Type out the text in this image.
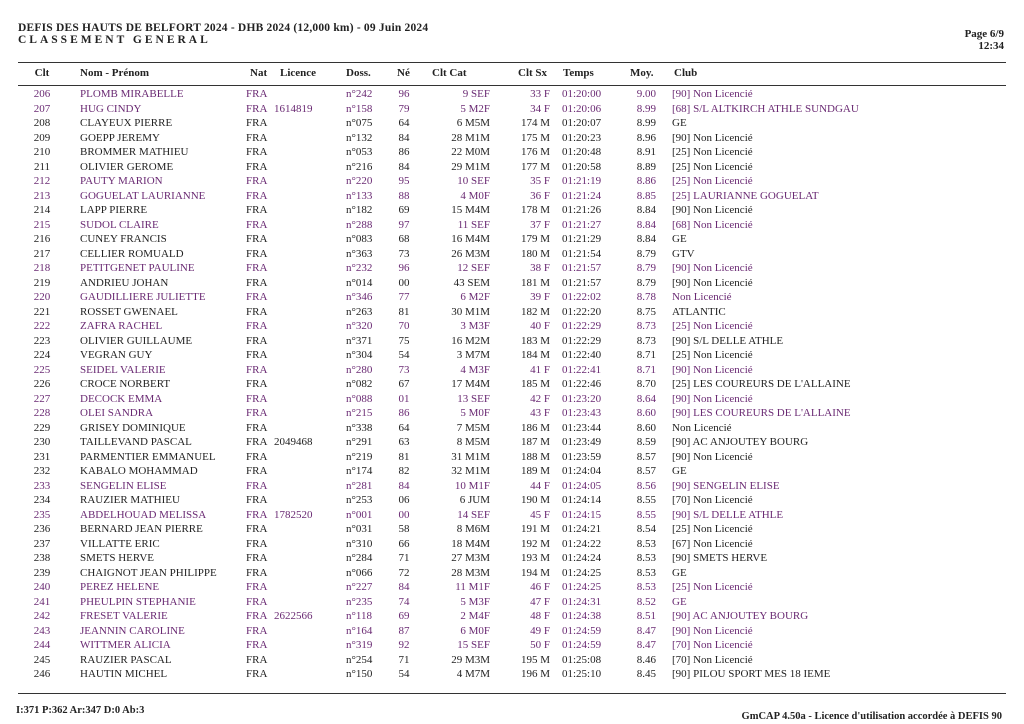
DEFIS DES HAUTS DE BELFORT 2024 - DHB 2024 (12,000 km) - 09 Juin 2024
CLASSEMENT GENERAL	Page 6/9
12:34
Clt	Nom - Prénom	Nat Licence	Doss. Né Clt Cat	Clt Sx Temps	Moy. Club
206	PLOMB MIRABELLE	FRA	n°242	96	9 SEF	33 F 01:20:00	9.00 [90] Non Licencié
207	HUG CINDY	FRA 1614819	n°158	79	5 M2F	34 F 01:20:06	8.99 [68] S/L ALTKIRCH ATHLE SUNDGAU
208	CLAYEUX PIERRE	FRA	n°075	64	6 M5M	174 M 01:20:07	8.99 GE
209	GOEPP JEREMY	FRA	n°132	84	28 M1M	175 M 01:20:23	8.96 [90] Non Licencié
210	BROMMER MATHIEU	FRA	n°053	86	22 M0M	176 M 01:20:48	8.91 [25] Non Licencié
211	OLIVIER GEROME	FRA	n°216	84	29 M1M	177 M 01:20:58	8.89 [25] Non Licencié
212	PAUTY MARION	FRA	n°220	95	10 SEF	35 F 01:21:19	8.86 [25] Non Licencié
213	GOGUELAT LAURIANNE	FRA	n°133	88	4 M0F	36 F 01:21:24	8.85 [25] LAURIANNE GOGUELAT
214	LAPP PIERRE	FRA	n°182	69	15 M4M	178 M 01:21:26	8.84 [90] Non Licencié
215	SUDOL CLAIRE	FRA	n°288	97	11 SEF	37 F 01:21:27	8.84 [68] Non Licencié
216	CUNEY FRANCIS	FRA	n°083	68	16 M4M	179 M 01:21:29	8.84 GE
217	CELLIER ROMUALD	FRA	n°363	73	26 M3M	180 M 01:21:54	8.79 GTV
218	PETITGENET PAULINE	FRA	n°232	96	12 SEF	38 F 01:21:57	8.79 [90] Non Licencié
219	ANDRIEU JOHAN	FRA	n°014	00	43 SEM	181 M 01:21:57	8.79 [90] Non Licencié
220	GAUDILLIERE JULIETTE	FRA	n°346	77	6 M2F	39 F 01:22:02	8.78 Non Licencié
221	ROSSET GWENAEL	FRA	n°263	81	30 M1M	182 M 01:22:20	8.75 ATLANTIC
222	ZAFRA RACHEL	FRA	n°320	70	3 M3F	40 F 01:22:29	8.73 [25] Non Licencié
223	OLIVIER GUILLAUME	FRA	n°371	75	16 M2M	183 M 01:22:29	8.73 [90] S/L DELLE ATHLE
224	VEGRAN GUY	FRA	n°304	54	3 M7M	184 M 01:22:40	8.71 [25] Non Licencié
225	SEIDEL VALERIE	FRA	n°280	73	4 M3F	41 F 01:22:41	8.71 [90] Non Licencié
226	CROCE NORBERT	FRA	n°082	67	17 M4M	185 M 01:22:46	8.70 [25] LES COUREURS DE L'ALLAINE
227	DECOCK EMMA	FRA	n°088	01	13 SEF	42 F 01:23:20	8.64 [90] Non Licencié
228	OLEI SANDRA	FRA	n°215	86	5 M0F	43 F 01:23:43	8.60 [90] LES COUREURS DE L'ALLAINE
229	GRISEY DOMINIQUE	FRA	n°338	64	7 M5M	186 M 01:23:44	8.60 Non Licencié
230	TAILLEVAND PASCAL	FRA 2049468	n°291	63	8 M5M	187 M 01:23:49	8.59 [90] AC ANJOUTEY BOURG
231	PARMENTIER EMMANUEL	FRA	n°219	81	31 M1M	188 M 01:23:59	8.57 [90] Non Licencié
232	KABALO MOHAMMAD	FRA	n°174	82	32 M1M	189 M 01:24:04	8.57 GE
233	SENGELIN ELISE	FRA	n°281	84	10 M1F	44 F 01:24:05	8.56 [90] SENGELIN ELISE
234	RAUZIER MATHIEU	FRA	n°253	06	6 JUM	190 M 01:24:14	8.55 [70] Non Licencié
235	ABDELHOUAD MELISSA	FRA 1782520	n°001	00	14 SEF	45 F 01:24:15	8.55 [90] S/L DELLE ATHLE
236	BERNARD JEAN PIERRE	FRA	n°031	58	8 M6M	191 M 01:24:21	8.54 [25] Non Licencié
237	VILLATTE ERIC	FRA	n°310	66	18 M4M	192 M 01:24:22	8.53 [67] Non Licencié
238	SMETS HERVE	FRA	n°284	71	27 M3M	193 M 01:24:24	8.53 [90] SMETS HERVE
239	CHAIGNOT JEAN PHILIPPE	FRA	n°066	72	28 M3M	194 M 01:24:25	8.53 GE
240	PEREZ HELENE	FRA	n°227	84	11 M1F	46 F 01:24:25	8.53 [25] Non Licencié
241	PHEULPIN STEPHANIE	FRA	n°235	74	5 M3F	47 F 01:24:31	8.52 GE
242	FRESET VALERIE	FRA 2622566	n°118	69	2 M4F	48 F 01:24:38	8.51 [90] AC ANJOUTEY BOURG
243	JEANNIN CAROLINE	FRA	n°164	87	6 M0F	49 F 01:24:59	8.47 [90] Non Licencié
244	WITTMER ALICIA	FRA	n°319	92	15 SEF	50 F 01:24:59	8.47 [70] Non Licencié
245	RAUZIER PASCAL	FRA	n°254	71	29 M3M	195 M 01:25:08	8.46 [70] Non Licencié
246	HAUTIN MICHEL	FRA	n°150	54	4 M7M	196 M 01:25:10	8.45 [90] PILOU SPORT MES 18 IEME
I:371 P:362 Ar:347 D:0 Ab:3
GmCAP 4.50a - Licence d'utilisation accordée à DEFIS 90
